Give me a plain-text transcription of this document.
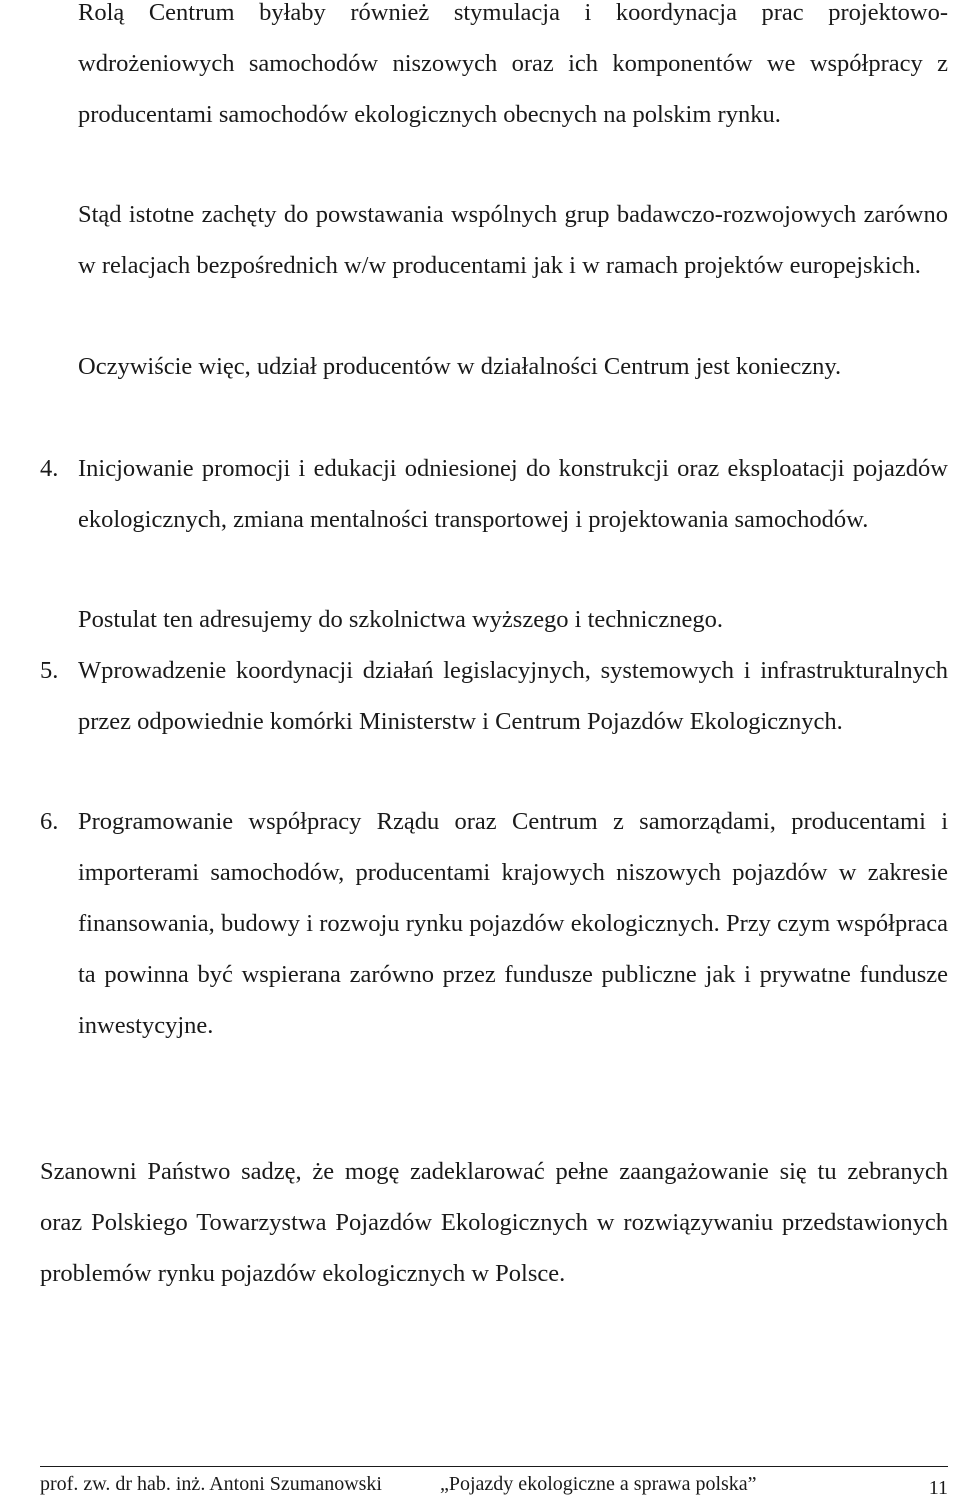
Rolą Centrum byłaby również stymulacja i koordynacja prac projektowo-wdrożeniowych samochodów niszowych oraz ich komponentów we współpracy z producentami samochodów ekologicznych obecnych na polskim rynku.

Stąd istotne zachęty do powstawania wspólnych grup badawczo-rozwojowych zarówno w relacjach bezpośrednich w/w producentami jak i w ramach projektów europejskich.

Oczywiście więc, udział producentów w działalności Centrum jest konieczny.

4. Inicjowanie promocji i edukacji odniesionej do konstrukcji oraz eksploatacji pojazdów ekologicznych, zmiana mentalności transportowej i projektowania samochodów.

Postulat ten adresujemy do szkolnictwa wyższego i technicznego.

5. Wprowadzenie koordynacji działań legislacyjnych, systemowych i infrastrukturalnych przez odpowiednie komórki Ministerstw i Centrum Pojazdów Ekologicznych.
6. Programowanie współpracy Rządu oraz Centrum z samorządami, producentami i importerami samochodów, producentami krajowych niszowych pojazdów w zakresie finansowania, budowy i rozwoju rynku pojazdów ekologicznych. Przy czym współpraca ta powinna być wspierana zarówno przez fundusze publiczne jak i prywatne fundusze inwestycyjne.

Szanowni Państwo sadzę, że mogę zadeklarować pełne zaangażowanie się tu zebranych oraz Polskiego Towarzystwa Pojazdów Ekologicznych w rozwiązywaniu przedstawionych problemów rynku pojazdów ekologicznych w Polsce.

prof. zw. dr hab. inż. Antoni Szumanowski	„Pojazdy ekologiczne a sprawa polska”	11
